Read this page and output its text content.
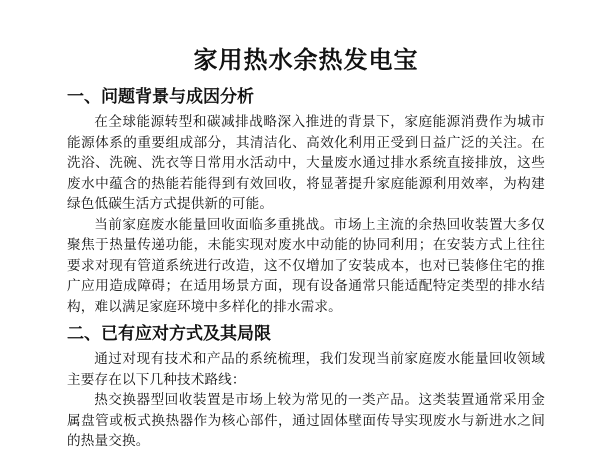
家用热水余热发电宝
一、问题背景与成因分析

在全球能源转型和碳减排战略深入推进的背景下，家庭能源消费作为城市能源体系的重要组成部分，其清洁化、高效化利用正受到日益广泛的关注。在洗浴、洗碗、洗衣等日常用水活动中，大量废水通过排水系统直接排放，这些废水中蕴含的热能若能得到有效回收，将显著提升家庭能源利用效率，为构建绿色低碳生活方式提供新的可能。

当前家庭废水能量回收面临多重挑战。市场上主流的余热回收装置大多仅聚焦于热量传递功能，未能实现对废水中动能的协同利用；在安装方式上往往要求对现有管道系统进行改造，这不仅增加了安装成本，也对已装修住宅的推广应用造成障碍；在适用场景方面，现有设备通常只能适配特定类型的排水结构，难以满足家庭环境中多样化的排水需求。

二、已有应对方式及其局限

通过对现有技术和产品的系统梳理，我们发现当前家庭废水能量回收领域主要存在以下几种技术路线：

热交换器型回收装置是市场上较为常见的一类产品。这类装置通常采用金属盘管或板式换热器作为核心部件，通过固体壁面传导实现废水与新进水之间的热量交换。
